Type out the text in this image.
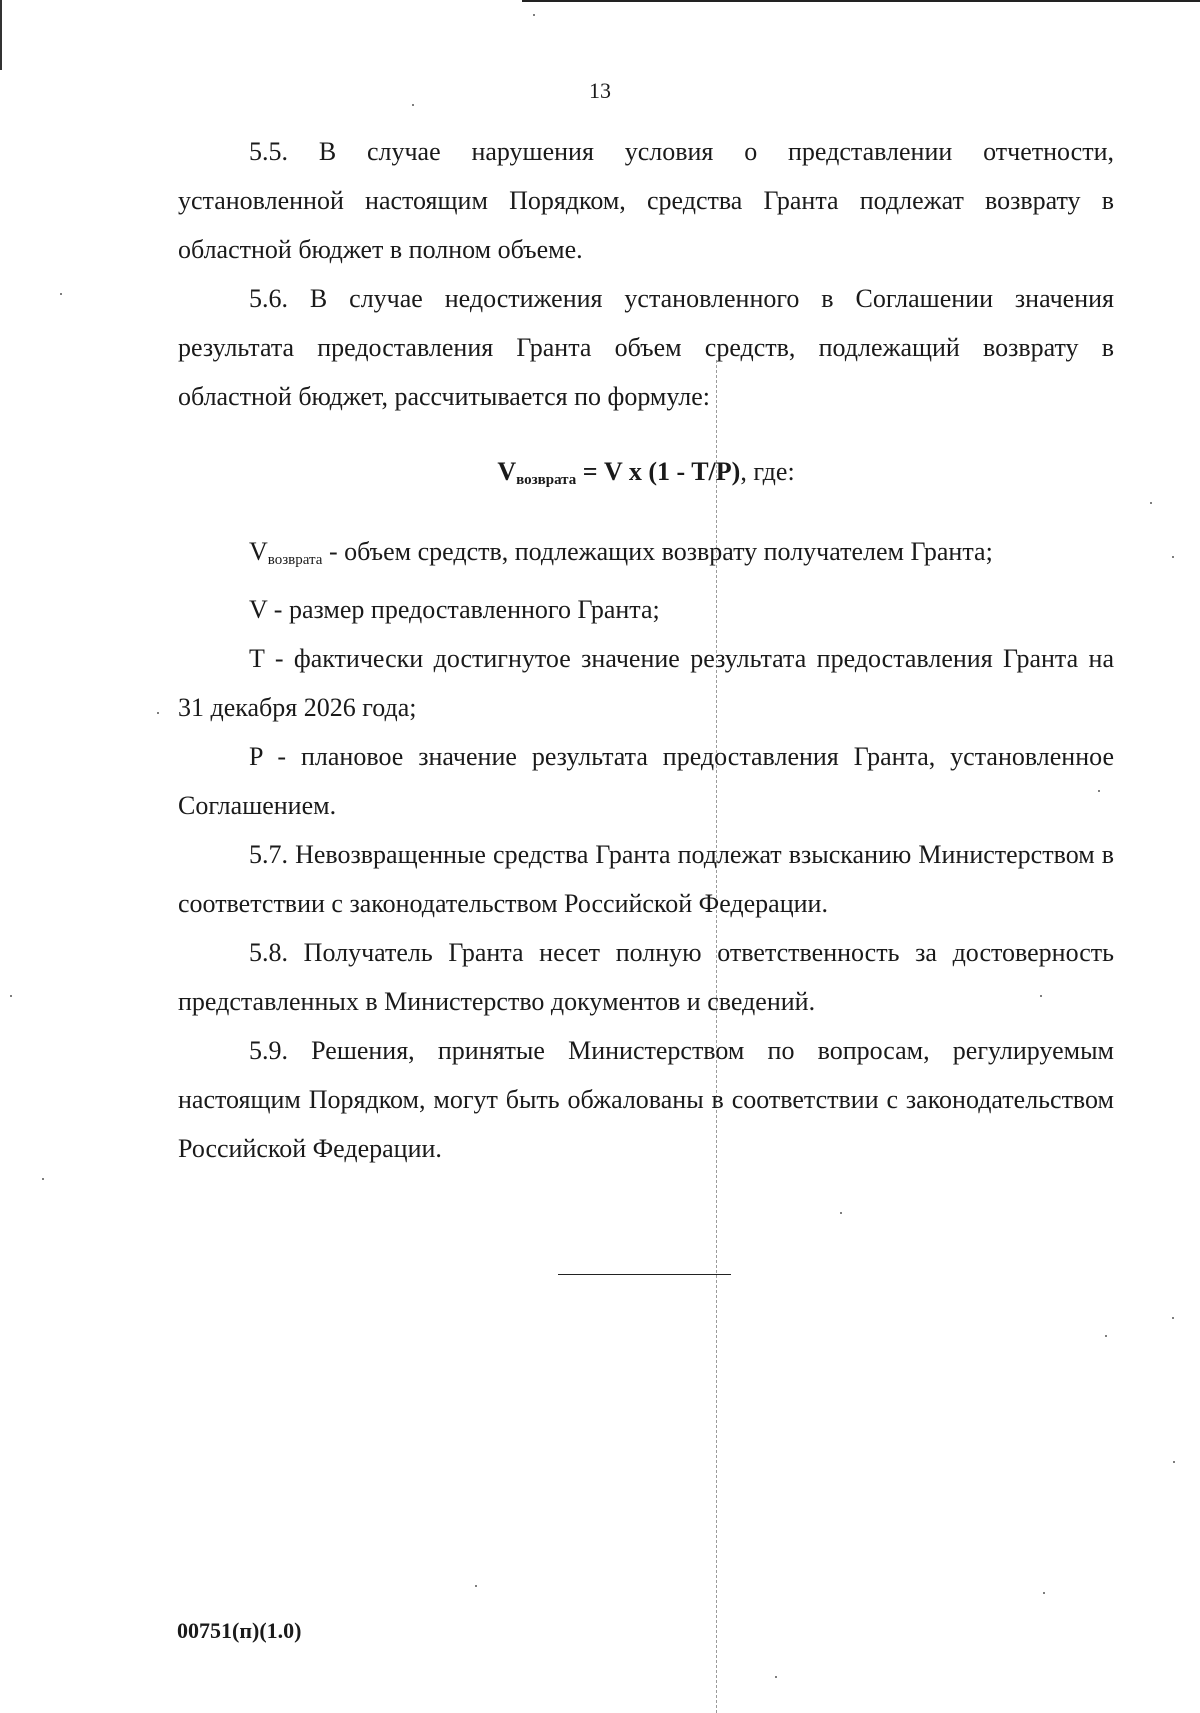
13

5.5. В случае нарушения условия о представлении отчетности, установленной настоящим Порядком, средства Гранта подлежат возврату в областной бюджет в полном объеме.

5.6. В случае недостижения установленного в Соглашении значения результата предоставления Гранта объем средств, подлежащий возврату в областной бюджет, рассчитывается по формуле:

Vвозврата = V x (1 - T/P), где:

$V_{возврата}$ - объем средств, подлежащих возврату получателем Гранта;

V - размер предоставленного Гранта;

T - фактически достигнутое значение результата предоставления Гранта на 31 декабря 2026 года;

P - плановое значение результата предоставления Гранта, установленное Соглашением.

5.7. Невозвращенные средства Гранта подлежат взысканию Министерством в соответствии с законодательством Российской Федерации.

5.8. Получатель Гранта несет полную ответственность за достоверность представленных в Министерство документов и сведений.

5.9. Решения, принятые Министерством по вопросам, регулируемым настоящим Порядком, могут быть обжалованы в соответствии с законодательством Российской Федерации.

00751(п)(1.0)
